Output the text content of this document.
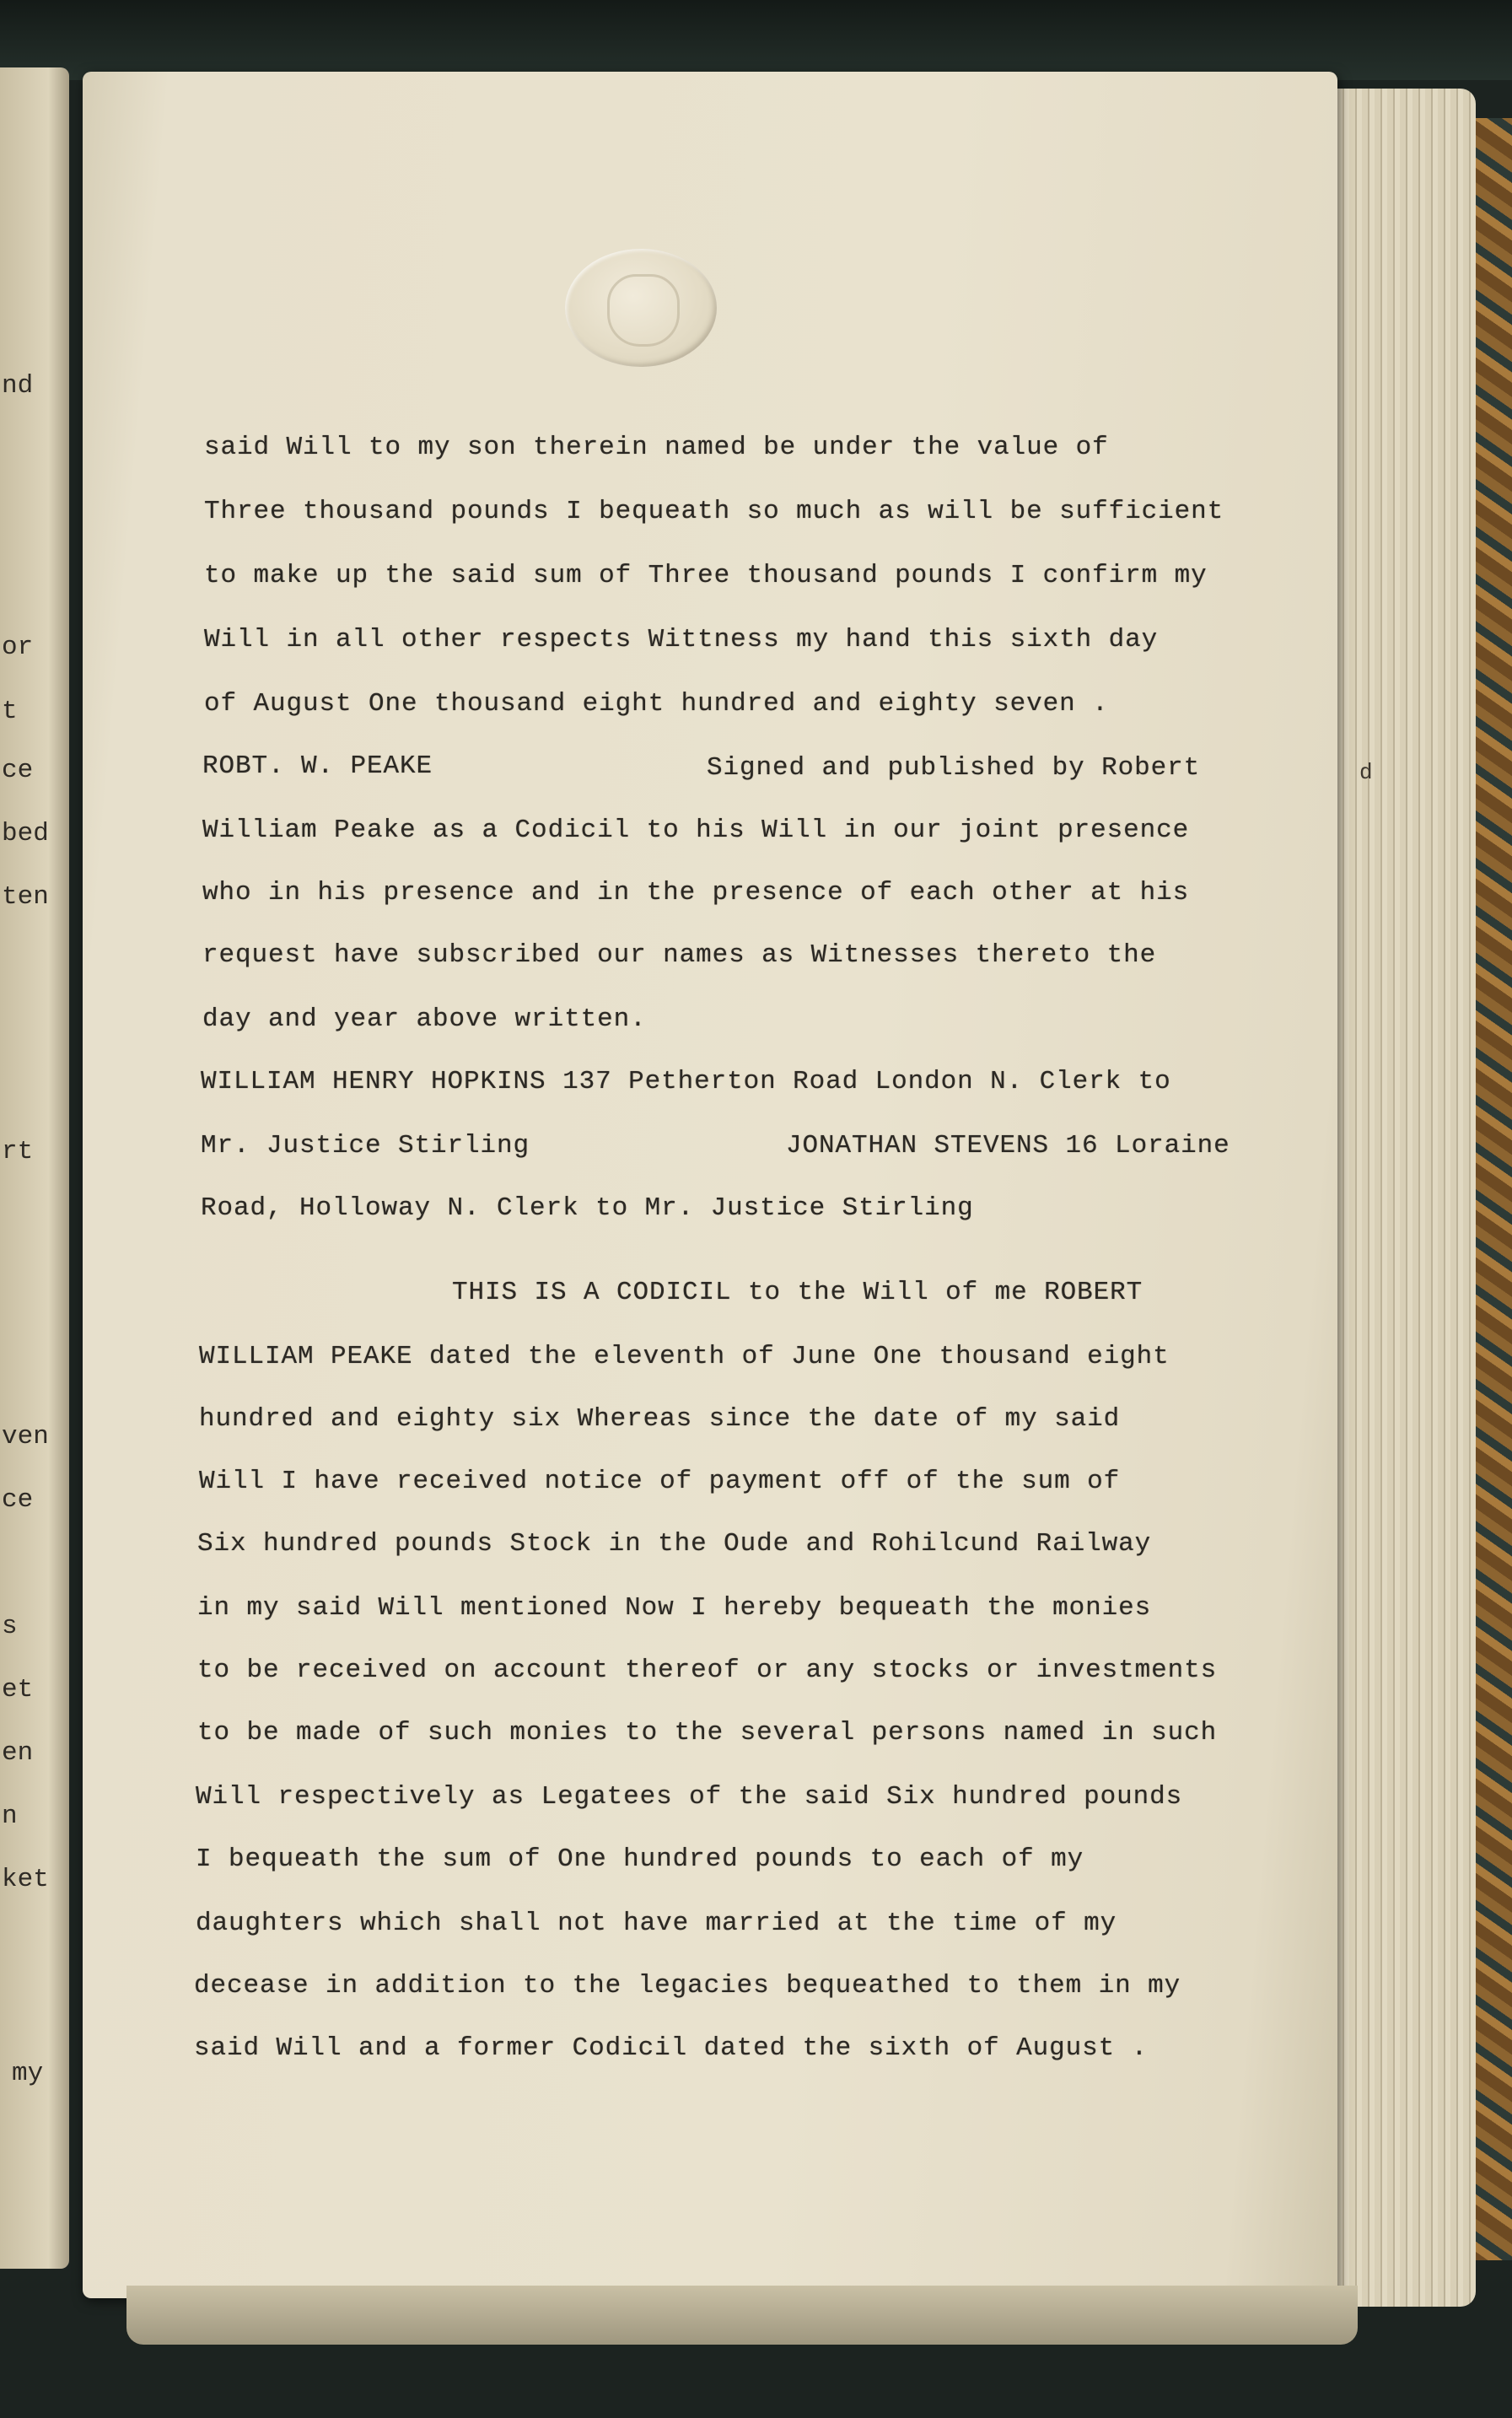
nd
or
t
ce
bed
ten
rt
ven
ce
s
et
en
n
ket
my
d
said Will to my son therein named be under the value of
Three thousand pounds I bequeath so much as will be sufficient
to make up the said sum of Three thousand pounds I confirm my
Will in all other respects Wittness my hand this sixth day
of August One thousand eight hundred and eighty seven .
ROBT. W. PEAKE	Signed and published by Robert
William Peake as a Codicil to his Will in our joint presence
who in his presence and in the presence of each other at his
request have subscribed our names as Witnesses thereto the
day and year above written.
WILLIAM HENRY HOPKINS 137 Petherton Road London N. Clerk to
Mr. Justice Stirling	JONATHAN STEVENS 16 Loraine
Road, Holloway N. Clerk to Mr. Justice Stirling
THIS IS A CODICIL to the Will of me ROBERT
WILLIAM PEAKE dated the eleventh of June One thousand eight
hundred and eighty six Whereas since the date of my said
Will I have received notice of payment off of the sum of
Six hundred pounds Stock in the Oude and Rohilcund Railway
in my said Will mentioned Now I hereby bequeath the monies
to be received on account thereof or any stocks or investments
to be made of such monies to the several persons named in such
Will respectively as Legatees of the said Six hundred pounds
I bequeath the sum of One hundred pounds to each of my
daughters which shall not have married at the time of my
decease in addition to the legacies bequeathed to them in my
said Will and a former Codicil dated the sixth of August .
